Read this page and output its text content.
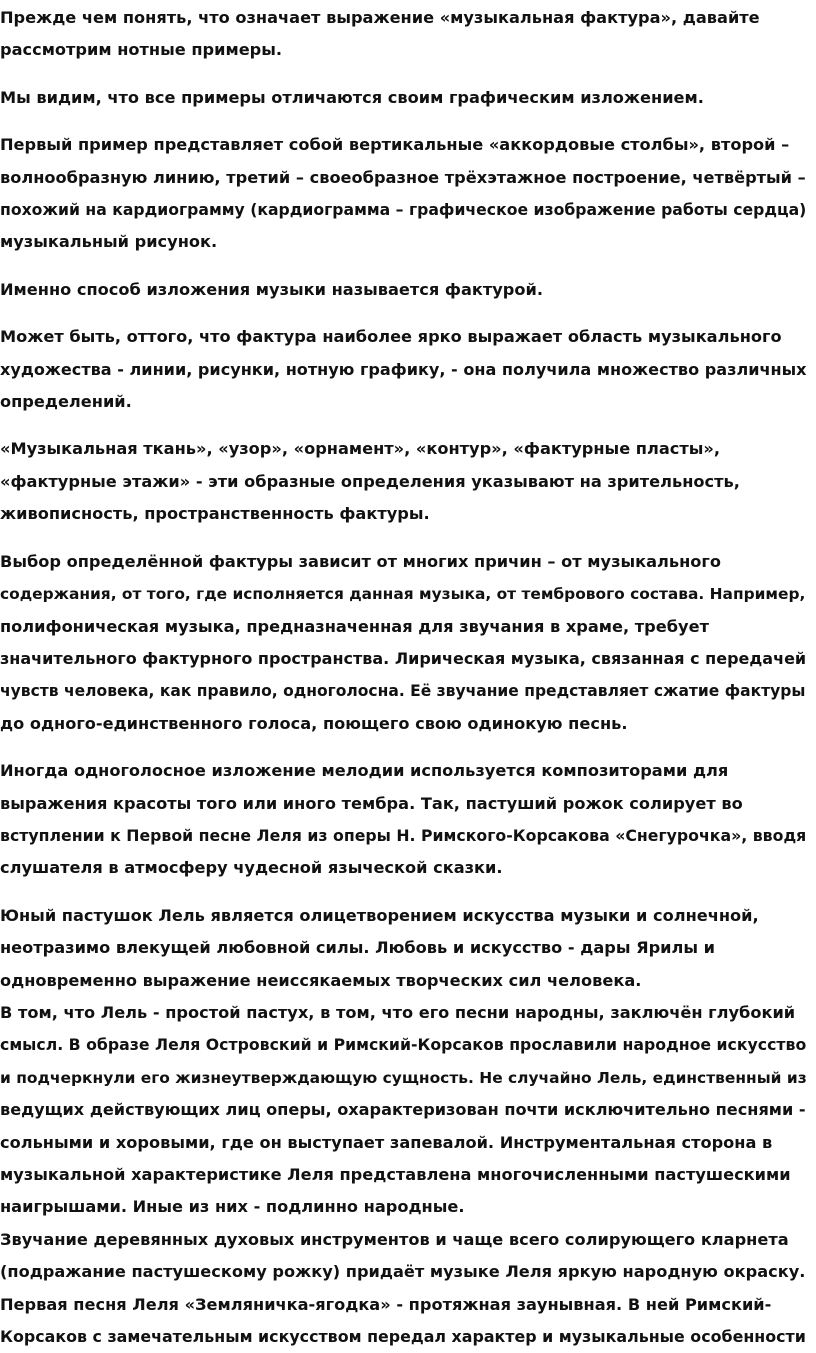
Прежде чем понять, что означает выражение «музыкальная фактура», давайте
рассмотрим нотные примеры.

Мы видим, что все примеры отличаются своим графическим изложением.

Первый пример представляет собой вертикальные «аккордовые столбы», второй –
волнообразную линию, третий – своеобразное трёхэтажное построение, четвёртый –
похожий на кардиограмму (кардиограмма – графическое изображение работы сердца)
музыкальный рисунок.

Именно способ изложения музыки называется фактурой.

Может быть, оттого, что фактура наиболее ярко выражает область музыкального
художества - линии, рисунки, нотную графику, - она получила множество различных
определений.

«Музыкальная ткань», «узор», «орнамент», «контур», «фактурные пласты»,
«фактурные этажи» - эти образные определения указывают на зрительность,
живописность, пространственность фактуры.

Выбор определённой фактуры зависит от многих причин – от музыкального
содержания, от того, где исполняется данная музыка, от тембрового состава. Например,
полифоническая музыка, предназначенная для звучания в храме, требует
значительного фактурного пространства. Лирическая музыка, связанная с передачей
чувств человека, как правило, одноголосна. Её звучание представляет сжатие фактуры
до одного-единственного голоса, поющего свою одинокую песнь.

Иногда одноголосное изложение мелодии используется композиторами для
выражения красоты того или иного тембра. Так, пастуший рожок солирует во
вступлении к Первой песне Леля из оперы Н. Римского-Корсакова «Снегурочка», вводя
слушателя в атмосферу чудесной языческой сказки.

Юный пастушок Лель является олицетворением искусства музыки и солнечной,
неотразимо влекущей любовной силы. Любовь и искусство - дары Ярилы и
одновременно выражение неиссякаемых творческих сил человека.
В том, что Лель - простой пастух, в том, что его песни народны, заключён глубокий
смысл. В образе Леля Островский и Римский-Корсаков прославили народное искусство
и подчеркнули его жизнеутверждающую сущность. Не случайно Лель, единственный из
ведущих действующих лиц оперы, охарактеризован почти исключительно песнями -
сольными и хоровыми, где он выступает запевалой. Инструментальная сторона в
музыкальной характеристике Леля представлена многочисленными пастушескими
наигрышами. Иные из них - подлинно народные.
Звучание деревянных духовых инструментов и чаще всего солирующего кларнета
(подражание пастушескому рожку) придаёт музыке Леля яркую народную окраску.
Первая песня Леля «Земляничка-ягодка» - протяжная заунывная. В ней Римский-
Корсаков с замечательным искусством передал характер и музыкальные особенности
